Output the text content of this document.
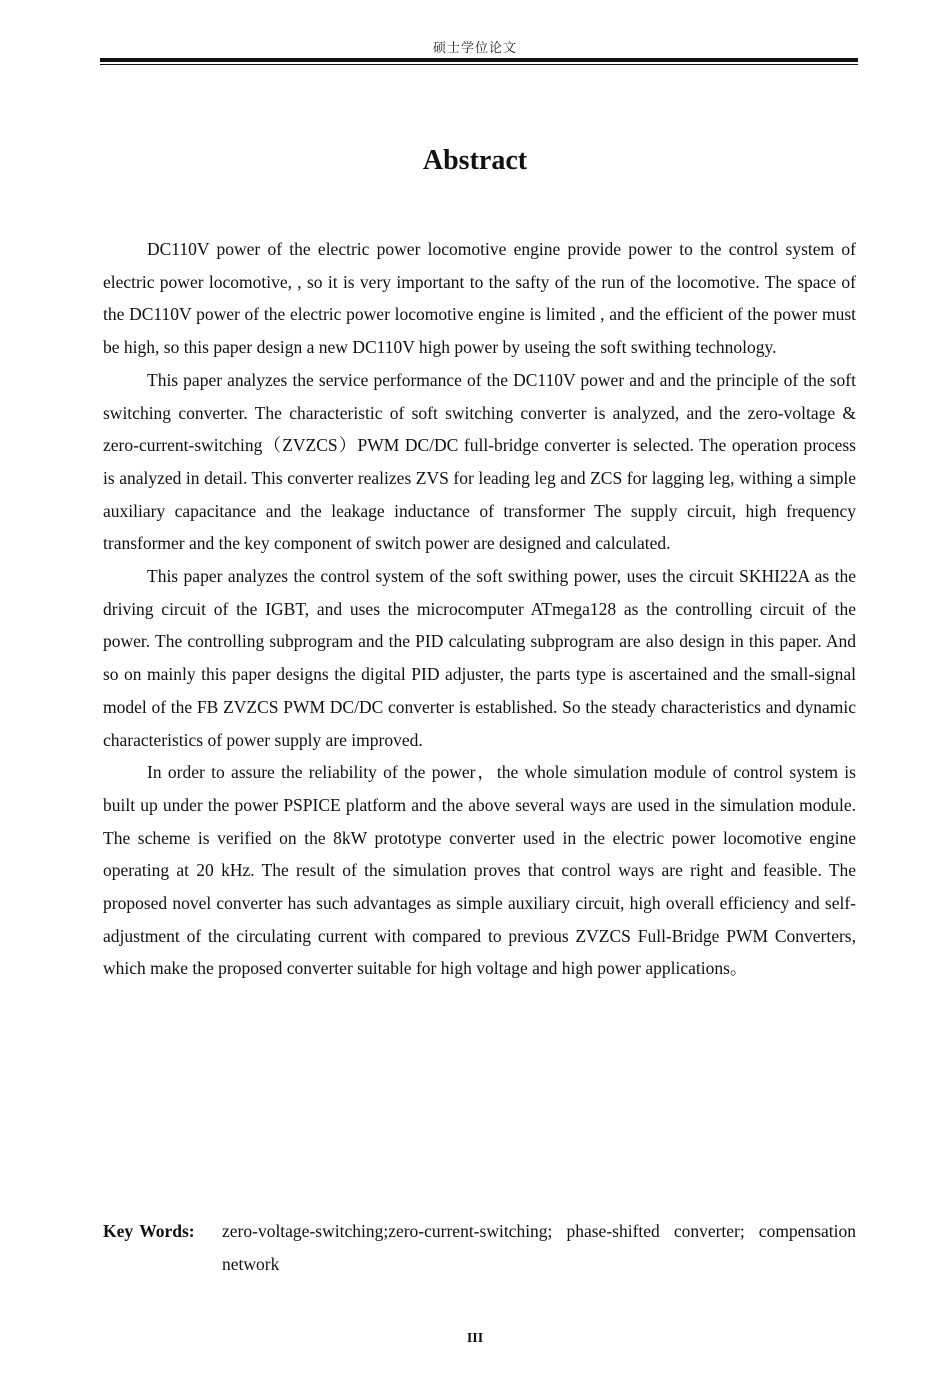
硕士学位论文
Abstract

DC110V power of the electric power locomotive engine provide power to the control system of electric power locomotive, , so it is very important to the safty of the run of the locomotive. The space of the DC110V power of the electric power locomotive engine is limited , and the efficient of the power must be high, so this paper design a new DC110V high power by useing the soft swithing technology.

This paper analyzes the service performance of the DC110V power and and the principle of the soft switching converter. The characteristic of soft switching converter is analyzed, and the zero-voltage & zero-current-switching（ZVZCS）PWM DC/DC full-bridge converter is selected. The operation process is analyzed in detail. This converter realizes ZVS for leading leg and ZCS for lagging leg, withing a simple auxiliary capacitance and the leakage inductance of transformer The supply circuit, high frequency transformer and the key component of switch power are designed and calculated.

This paper analyzes the control system of the soft swithing power, uses the circuit SKHI22A as the driving circuit of the IGBT, and uses the microcomputer ATmega128 as the controlling circuit of the power. The controlling subprogram and the PID calculating subprogram are also design in this paper. And so on mainly this paper designs the digital PID adjuster, the parts type is ascertained and the small-signal model of the FB ZVZCS PWM DC/DC converter is established. So the steady characteristics and dynamic characteristics of power supply are improved.

In order to assure the reliability of the power，the whole simulation module of control system is built up under the power PSPICE platform and the above several ways are used in the simulation module. The scheme is verified on the 8kW prototype converter used in the electric power locomotive engine operating at 20 kHz. The result of the simulation proves that control ways are right and feasible. The proposed novel converter has such advantages as simple auxiliary circuit, high overall efficiency and self-adjustment of the circulating current with compared to previous ZVZCS Full-Bridge PWM Converters, which make the proposed converter suitable for high voltage and high power applications。

Key Words:	zero-voltage-switching;zero-current-switching; phase-shifted converter; compensation network
III
